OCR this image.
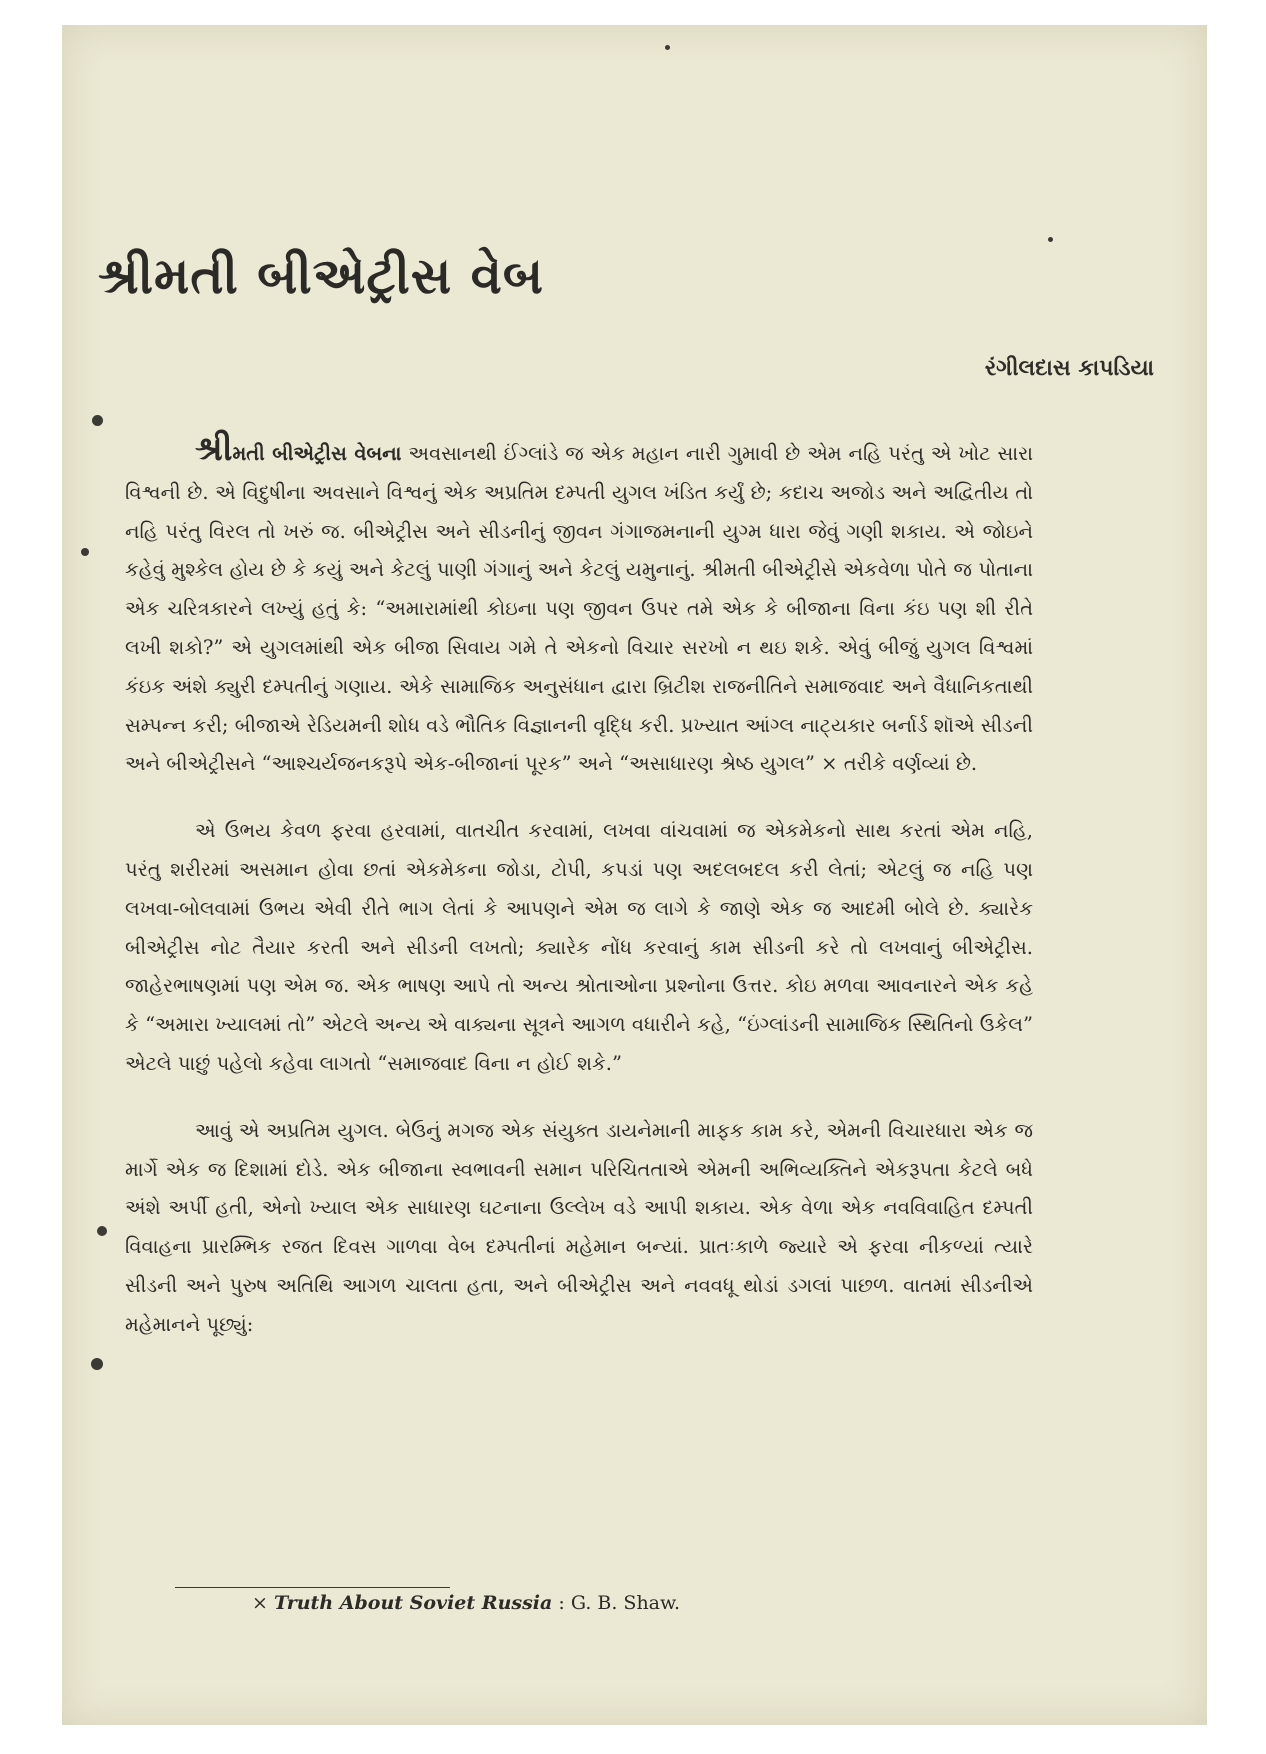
શ્રીમતી બીએટ્રીસ વેબ
રંગીલદાસ કાપડિયા

શ્રીમતી બીએટ્રીસ વેબના અવસાનથી ઈંગ્લાંડે જ એક મહાન નારી ગુમાવી છે એમ નહિ પરંતુ એ ખોટ સારા વિશ્વની છે. એ વિદુષીના અવસાને વિશ્વનું એક અપ્રતિમ દમ્પતી યુગલ ખંડિત કર્યું છે; કદાચ અજોડ અને અદ્વિતીય તો નહિ પરંતુ વિરલ તો ખરું જ. બીએટ્રીસ અને સીડનીનું જીવન ગંગાજમનાની યુગ્મ ધારા જેવું ગણી શકાય. એ જોઇને કહેવું મુશ્કેલ હોય છે કે કયું અને કેટલું પાણી ગંગાનું અને કેટલું યમુનાનું. શ્રીમતી બીએટ્રીસે એકવેળા પોતે જ પોતાના એક ચરિત્રકારને લખ્યું હતું કે: “અમારામાંથી કોઇના પણ જીવન ઉપર તમે એક કે બીજાના વિના કંઇ પણ શી રીતે લખી શકો?” એ યુગલમાંથી એક બીજા સિવાય ગમે તે એકનો વિચાર સરખો ન થઇ શકે. એવું બીજું યુગલ વિશ્વમાં કંઇક અંશે ક્યુરી દમ્પતીનું ગણાય. એકે સામાજિક અનુસંધાન દ્વારા બ્રિટીશ રાજનીતિને સમાજવાદ અને વૈધાનિકતાથી સમ્પન્ન કરી; બીજાએ રેડિયમની શોધ વડે ભૌતિક વિજ્ઞાનની વૃદ્ધિ કરી. પ્રખ્યાત આંગ્લ નાટ્યકાર બર્નાર્ડ શૉએ સીડની અને બીએટ્રીસને “આશ્ચર્યજનકરૂપે એક-બીજાનાં પૂરક” અને “અસાધારણ શ્રેષ્ઠ યુગલ” × તરીકે વર્ણવ્યાં છે.

એ ઉભય કેવળ ફરવા હરવામાં, વાતચીત કરવામાં, લખવા વાંચવામાં જ એકમેકનો સાથ કરતાં એમ નહિ, પરંતુ શરીરમાં અસમાન હોવા છતાં એકમેકના જોડા, ટોપી, કપડાં પણ અદલબદલ કરી લેતાં; એટલું જ નહિ પણ લખવા-બોલવામાં ઉભય એવી રીતે ભાગ લેતાં કે આપણને એમ જ લાગે કે જાણે એક જ આદમી બોલે છે. ક્યારેક બીએટ્રીસ નોટ તૈયાર કરતી અને સીડની લખતો; ક્યારેક નોંધ કરવાનું કામ સીડની કરે તો લખવાનું બીએટ્રીસ. જાહેરભાષણમાં પણ એમ જ. એક ભાષણ આપે તો અન્ય શ્રોતાઓના પ્રશ્નોના ઉત્તર. કોઇ મળવા આવનારને એક કહે કે “અમારા ખ્યાલમાં તો” એટલે અન્ય એ વાક્યના સૂત્રને આગળ વધારીને કહે, “ઇંગ્લાંડની સામાજિક સ્થિતિનો ઉકેલ” એટલે પાછું પહેલો કહેવા લાગતો “સમાજવાદ વિના ન હોઈ શકે.”

આવું એ અપ્રતિમ યુગલ. બેઉનું મગજ એક સંયુક્ત ડાયનેમાની માફક કામ કરે, એમની વિચારધારા એક જ માર્ગે એક જ દિશામાં દોડે. એક બીજાના સ્વભાવની સમાન પરિચિતતાએ એમની અભિવ્યક્તિને એકરૂપતા કેટલે બધે અંશે અર્પી હતી, એનો ખ્યાલ એક સાધારણ ઘટનાના ઉલ્લેખ વડે આપી શકાય. એક વેળા એક નવવિવાહિત દમ્પતી વિવાહના પ્રારમ્ભિક રજત દિવસ ગાળવા વેબ દમ્પતીનાં મહેમાન બન્યાં. પ્રાતઃકાળે જ્યારે એ ફરવા નીકળ્યાં ત્યારે સીડની અને પુરુષ અતિથિ આગળ ચાલતા હતા, અને બીએટ્રીસ અને નવવધૂ થોડાં ડગલાં પાછળ. વાતમાં સીડનીએ મહેમાનને પૂછ્યું:

× Truth About Soviet Russia : G. B. Shaw.
